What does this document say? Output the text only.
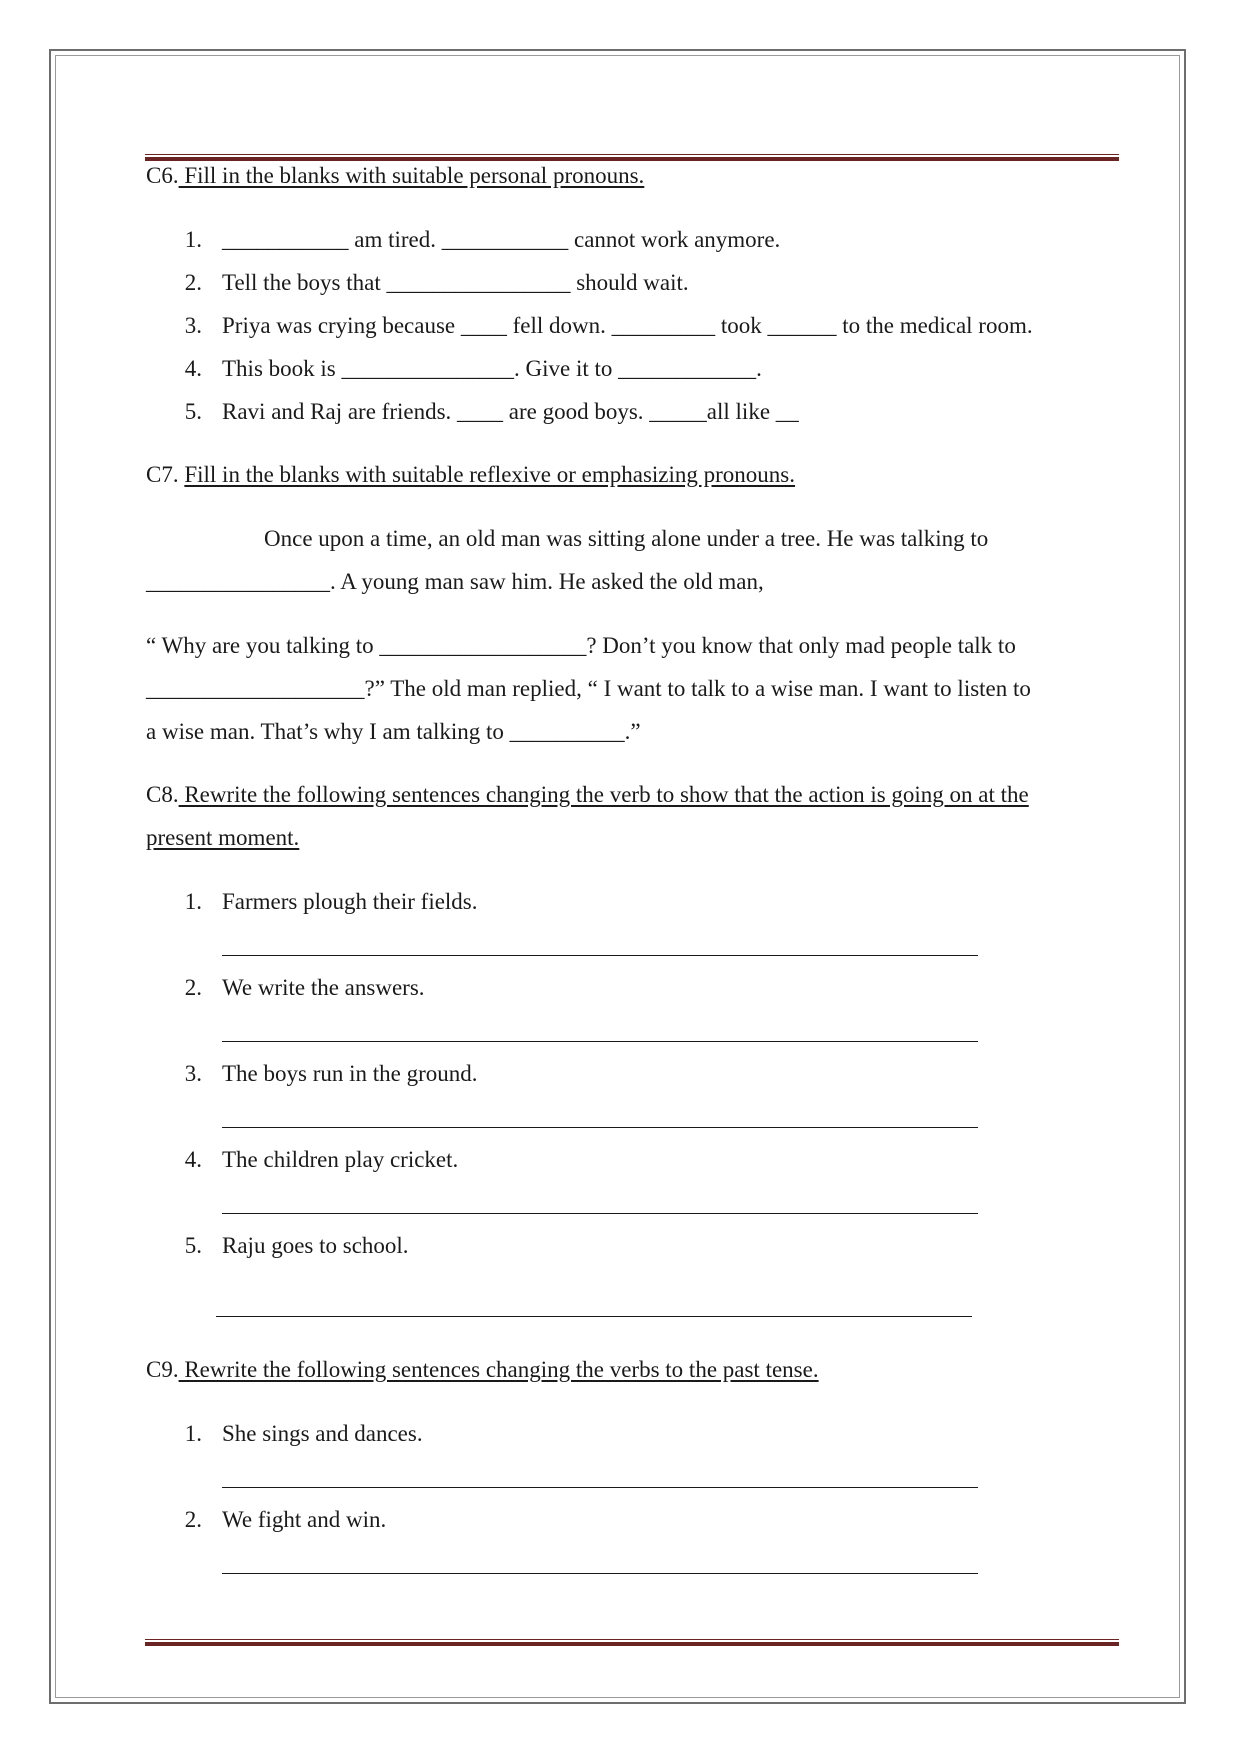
C6. Fill in the blanks with suitable personal pronouns.
1. ___________ am tired. ___________ cannot work anymore.
2. Tell the boys that ________________ should wait.
3. Priya was crying because ____ fell down. _________ took ______ to the medical room.
4. This book is _______________. Give it to ____________.
5. Ravi and Raj are friends. ____ are good boys. _____all like __
C7. Fill in the blanks with suitable reflexive or emphasizing pronouns.
Once upon a time, an old man was sitting alone under a tree. He was talking to
________________. A young man saw him. He asked the old man,
“ Why are you talking to __________________? Don’t you know that only mad people talk to
___________________?” The old man replied, “ I want to talk to a wise man. I want to listen to
a wise man. That’s why I am talking to __________.”
C8. Rewrite the following sentences changing the verb to show that the action is going on at the
present moment.
1. Farmers plough their fields.
2. We write the answers.
3. The boys run in the ground.
4. The children play cricket.
5. Raju goes to school.
C9. Rewrite the following sentences changing the verbs to the past tense.
1. She sings and dances.
2. We fight and win.
